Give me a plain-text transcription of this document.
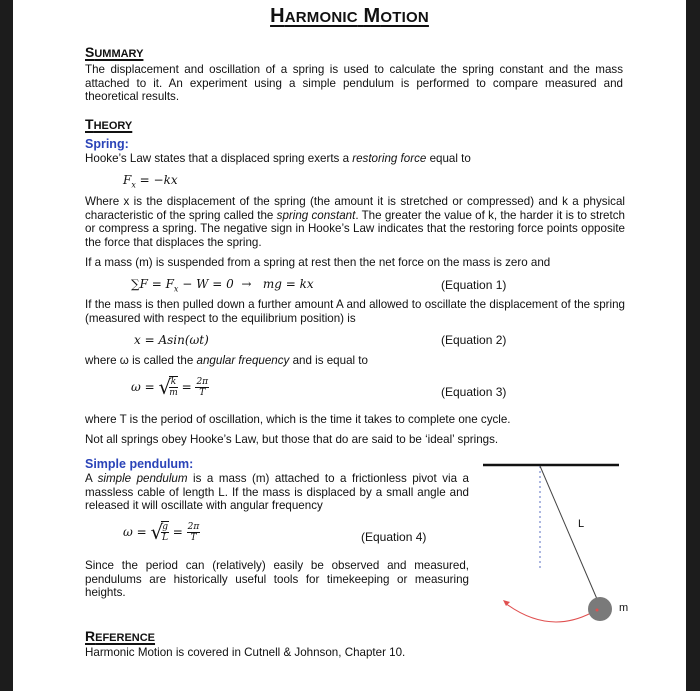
HARMONIC MOTION
SUMMARY
The displacement and oscillation of a spring is used to calculate the spring constant and the mass attached to it. An experiment using a simple pendulum is performed to compare measured and theoretical results.
THEORY
Spring:
Hooke’s Law states that a displaced spring exerts a restoring force equal to
$F_x = -kx$
Where x is the displacement of the spring (the amount it is stretched or compressed) and k a physical characteristic of the spring called the spring constant. The greater the value of k, the harder it is to stretch or compress a spring. The negative sign in Hooke’s Law indicates that the restoring force points opposite the force that displaces the spring.
If a mass (m) is suspended from a spring at rest then the net force on the mass is zero and
$\sum F = F_x - W = 0$  →   mg = kx	(Equation 1)
If the mass is then pulled down a further amount A and allowed to oscillate the displacement of the spring (measured with respect to the equilibrium position) is
x = Asin(ωt)	(Equation 2)
where ω is called the angular frequency and is equal to
ω = √
$\frac{k}{m} = \frac{2\pi}{T}$	(Equation 3)
where T is the period of oscillation, which is the time it takes to complete one cycle.
Not all springs obey Hooke’s Law, but those that do are said to be ‘ideal’ springs.
Simple pendulum:
A simple pendulum is a mass (m) attached to a frictionless pivot via a massless cable of length L. If the mass is displaced by a small angle and released it will oscillate with angular frequency
ω = √
$\frac{g}{L} = \frac{2\pi}{T}$	(Equation 4)
Since the period can (relatively) easily be observed and measured, pendulums are historically useful tools for timekeeping or measuring heights.
L
m
REFERENCE
Harmonic Motion is covered in Cutnell & Johnson, Chapter 10.
